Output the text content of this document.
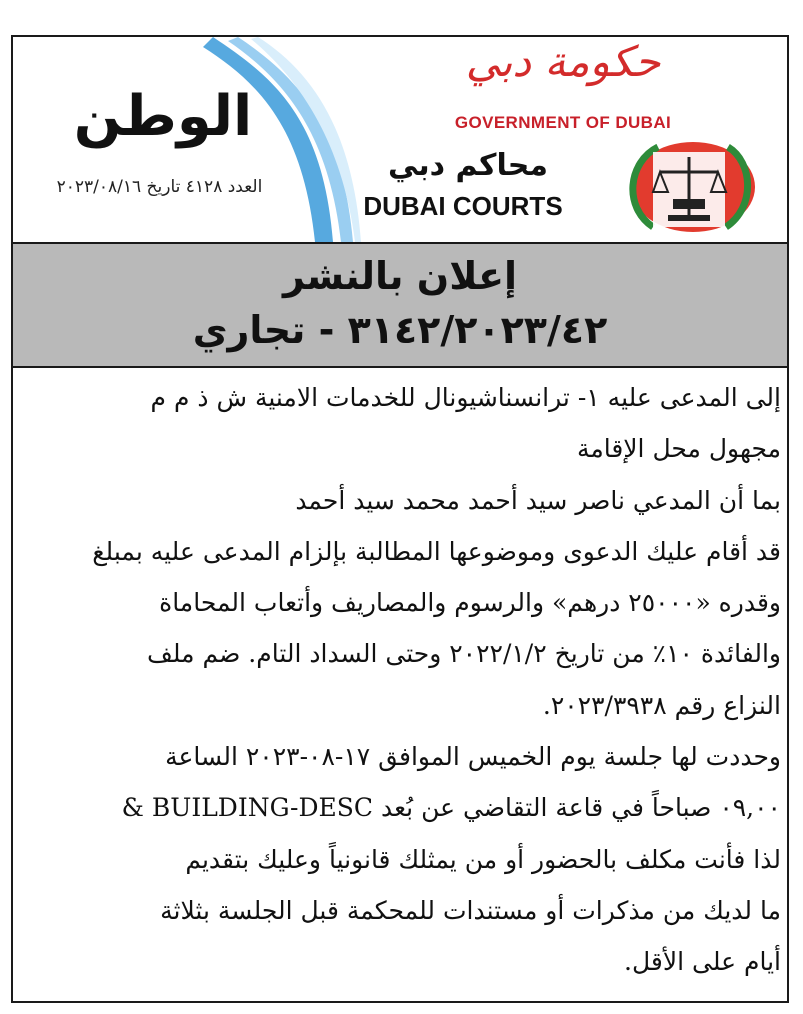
الوطن
العدد ٤١٢٨ تاريخ ٢٠٢٣/٠٨/١٦
حكومة دبي
GOVERNMENT OF DUBAI
محاكم دبي
DUBAI COURTS
إعلان بالنشر
٣١٤٢/٢٠٢٣/٤٢ - تجاري
إلى المدعى عليه ١- ترانسناشيونال للخدمات الامنية ش ذ م م
مجهول محل الإقامة
بما أن المدعي ناصر سيد أحمد محمد سيد أحمد
قد أقام عليك الدعوى وموضوعها المطالبة بإلزام المدعى عليه بمبلغ
وقدره «٢٥٠٠٠ درهم» والرسوم والمصاريف وأتعاب المحاماة
والفائدة ١٠٪ من تاريخ ٢٠٢٢/١/٢ وحتى السداد التام. ضم ملف
النزاع رقم ٢٠٢٣/٣٩٣٨.
وحددت لها جلسة يوم الخميس الموافق ١٧-٠٨-٢٠٢٣ الساعة
٠٩,٠٠ صباحاً في قاعة التقاضي عن بُعد BUILDING-DESC &
لذا فأنت مكلف بالحضور أو من يمثلك قانونياً وعليك بتقديم
ما لديك من مذكرات أو مستندات للمحكمة قبل الجلسة بثلاثة
أيام على الأقل.
